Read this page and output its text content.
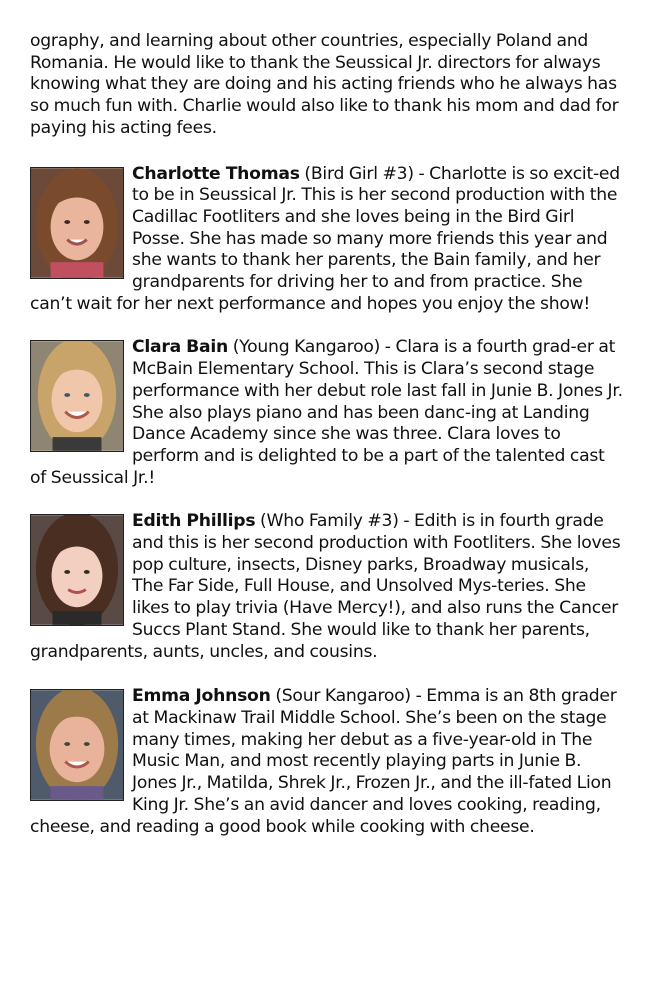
ography, and learning about other countries, especially Poland and Romania. He would like to thank the Seussical Jr. directors for always knowing what they are doing and his acting friends who he always has so much fun with. Charlie would also like to thank his mom and dad for paying his acting fees.

Charlotte Thomas (Bird Girl #3) - Charlotte is so excit-ed to be in Seussical Jr. This is her second production with the Cadillac Footliters and she loves being in the Bird Girl Posse. She has made so many more friends this year and she wants to thank her parents, the Bain family, and her grandparents for driving her to and from practice. She can’t wait for her next performance and hopes you enjoy the show!

Clara Bain (Young Kangaroo) - Clara is a fourth grad-er at McBain Elementary School. This is Clara’s second stage performance with her debut role last fall in Junie B. Jones Jr. She also plays piano and has been danc-ing at Landing Dance Academy since she was three. Clara loves to perform and is delighted to be a part of the talented cast of Seussical Jr.!

Edith Phillips (Who Family #3) - Edith is in fourth grade and this is her second production with Footliters. She loves pop culture, insects, Disney parks, Broadway musicals, The Far Side, Full House, and Unsolved Mys-teries. She likes to play trivia (Have Mercy!), and also runs the Cancer Succs Plant Stand. She would like to thank her parents, grandparents, aunts, uncles, and cousins.

Emma Johnson (Sour Kangaroo) - Emma is an 8th grader at Mackinaw Trail Middle School. She’s been on the stage many times, making her debut as a five-year-old in The Music Man, and most recently playing parts in Junie B. Jones Jr., Matilda, Shrek Jr., Frozen Jr., and the ill-fated Lion King Jr. She’s an avid dancer and loves cooking, reading, cheese, and reading a good book while cooking with cheese.
